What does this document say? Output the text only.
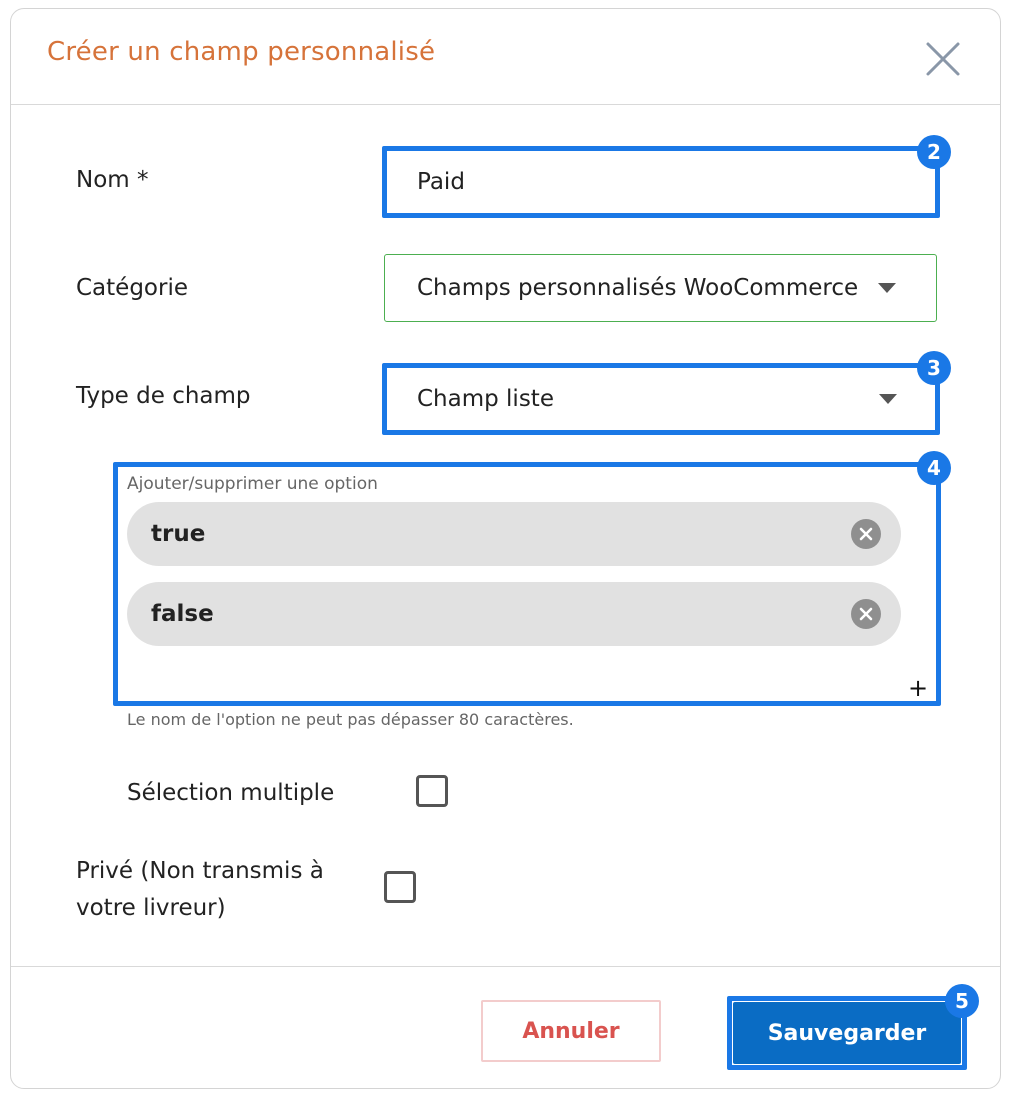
Créer un champ personnalisé
Nom *	Paid
2
Catégorie	Champs personnalisés WooCommerce
Type de champ	Champ liste
3
Ajouter/supprimer une option
true
false
+
4
Le nom de l'option ne peut pas dépasser 80 caractères.
Sélection multiple
Privé (Non transmis à
votre livreur)
Annuler	Sauvegarder
5
